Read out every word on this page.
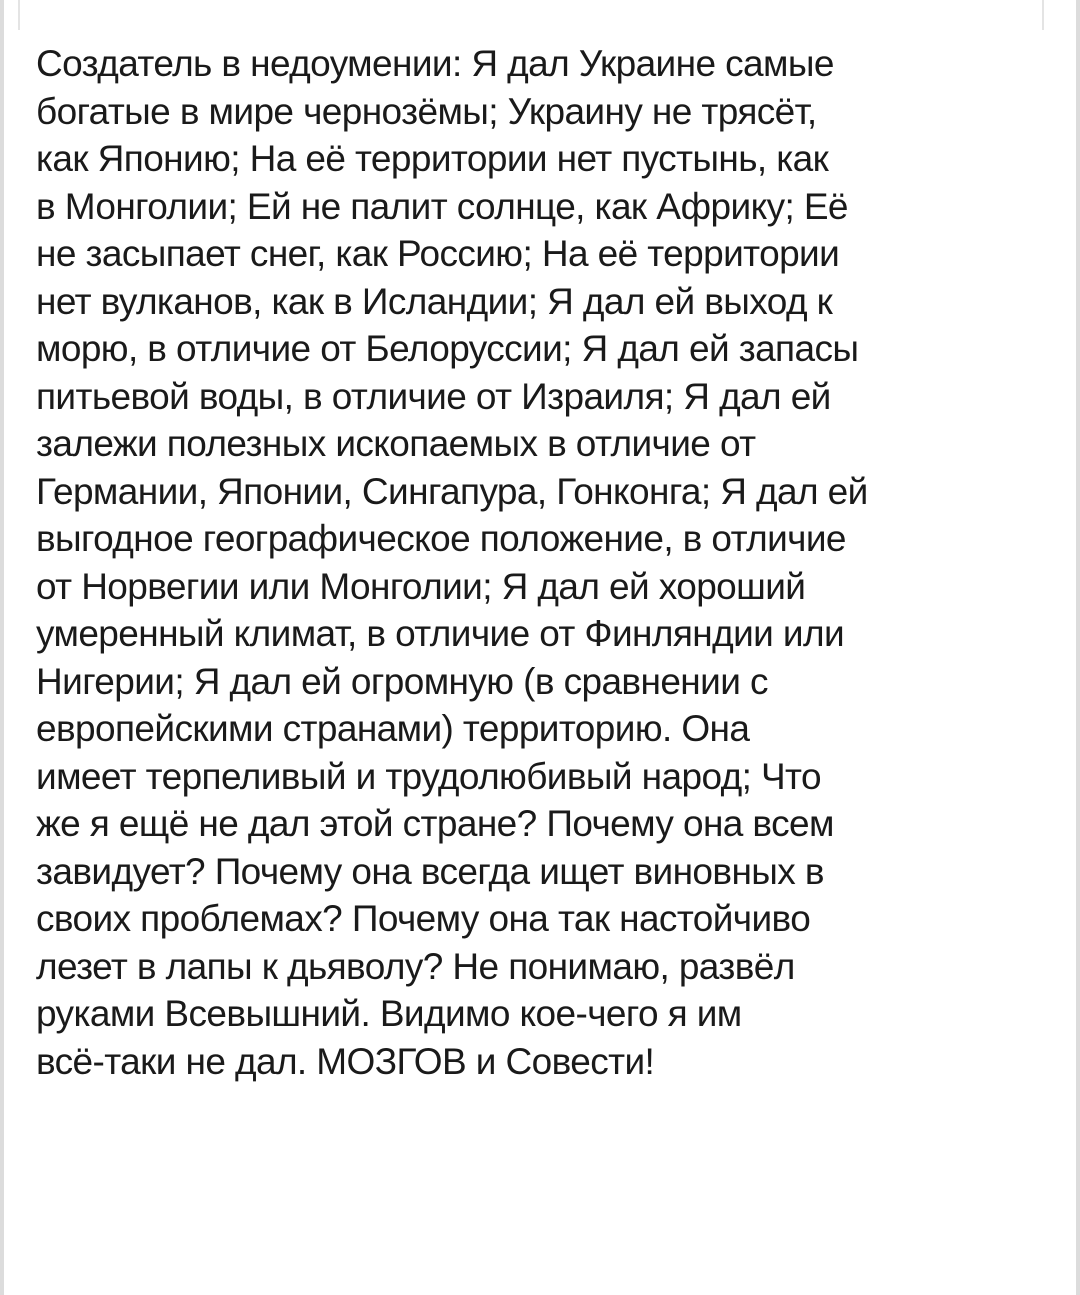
Создатель в недоумении: Я дал Украине самые
богатые в мире чернозёмы; Украину не трясёт,
как Японию; На её территории нет пустынь, как
в Монголии; Ей не палит солнце, как Африку; Её
не засыпает снег, как Россию; На её территории
нет вулканов, как в Исландии; Я дал ей выход к
морю, в отличие от Белоруссии; Я дал ей запасы
питьевой воды, в отличие от Израиля; Я дал ей
залежи полезных ископаемых в отличие от
Германии, Японии, Сингапура, Гонконга; Я дал ей
выгодное географическое положение, в отличие
от Норвегии или Монголии; Я дал ей хороший
умеренный климат, в отличие от Финляндии или
Нигерии; Я дал ей огромную (в сравнении с
европейскими странами) территорию. Она
имеет терпеливый и трудолюбивый народ; Что
же я ещё не дал этой стране? Почему она всем
завидует? Почему она всегда ищет виновных в
своих проблемах? Почему она так настойчиво
лезет в лапы к дьяволу? Не понимаю, развёл
руками Всевышний. Видимо кое-чего я им
всё-таки не дал. МОЗГОВ и Совести!
